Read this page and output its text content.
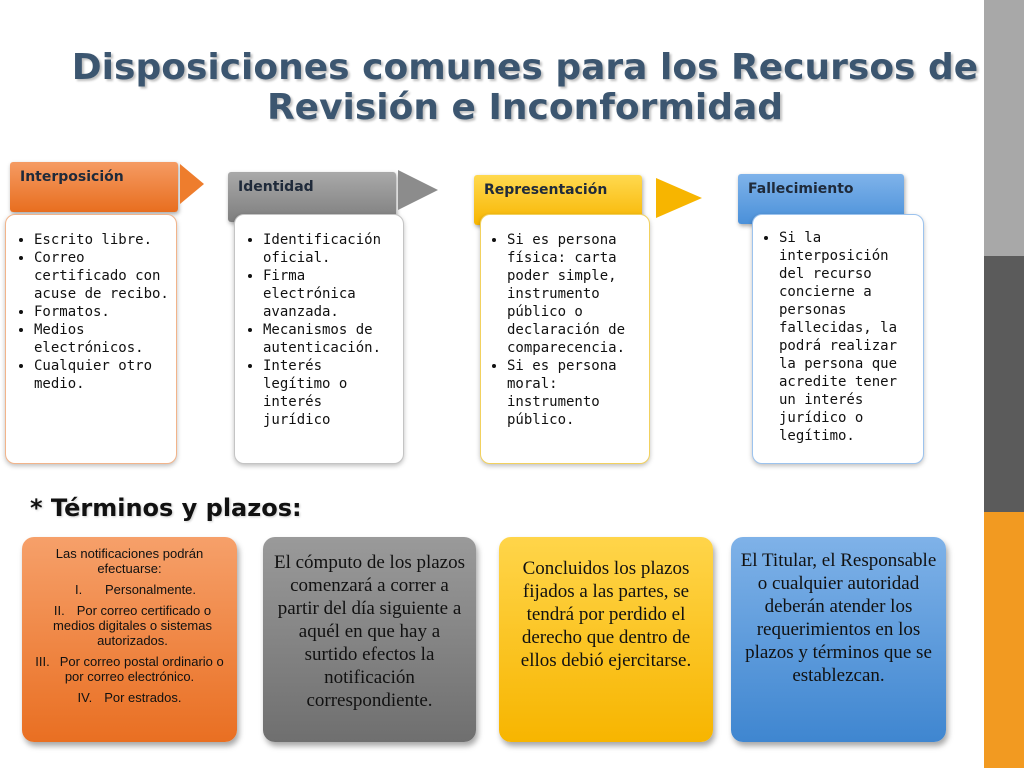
Disposiciones comunes para los Recursos de Revisión e Inconformidad
Interposición
• Escrito libre.
• Correo certificado con acuse de recibo.
• Formatos.
• Medios electrónicos.
• Cualquier otro medio.
Identidad
• Identificación oficial.
• Firma electrónica avanzada.
• Mecanismos de autenticación.
• Interés legítimo o interés jurídico
Representación
• Si es persona física: carta poder simple, instrumento público o declaración de comparecencia.
• Si es persona moral: instrumento público.
Fallecimiento
• Si la interposición del recurso concierne a personas fallecidas, la podrá realizar la persona que acredite tener un interés jurídico o legítimo.
* Términos y plazos:
Las notificaciones podrán efectuarse:
I. Personalmente.
II. Por correo certificado o medios digitales o sistemas autorizados.
III. Por correo postal ordinario o por correo electrónico.
IV. Por estrados.
El cómputo de los plazos comenzará a correr a partir del día siguiente a aquél en que hay a surtido efectos la notificación correspondiente.
Concluidos los plazos fijados a las partes, se tendrá por perdido el derecho que dentro de ellos debió ejercitarse.
El Titular, el Responsable o cualquier autoridad deberán atender los requerimientos en los plazos y términos que se establezcan.
